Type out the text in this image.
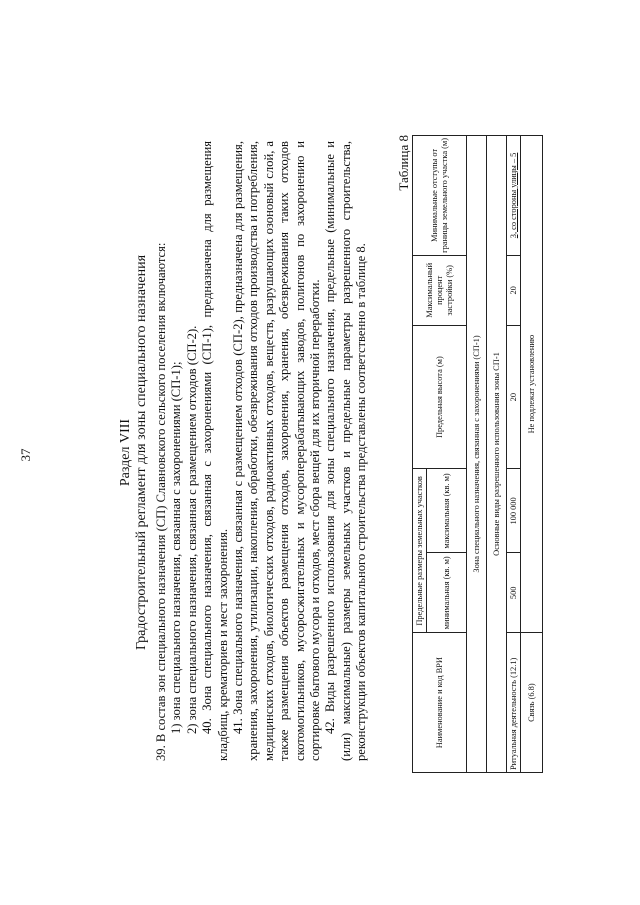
37	Раздел VIII Градостроительный регламент для зоны специального назначения 39. В состав зон специального назначения (СП) Славновского сельского поселения включаются: 1) зона специального назначения, связанная с захоронениями (СП-1); 2) зона специального назначения, связанная с размещением отходов (СП-2). 40. Зона специального назначения, связанная с захоронениями (СП-1), предназначена для размещения кладбищ, крематориев и мест захоронения. 41. Зона специального назначения, связанная с размещением отходов (СП-2), предназначена для размещения, хранения, захоронения, утилизации, накопления, обработки, обезвреживания отходов производства и потребления, медицинских отходов, биологических отходов, радиоактивных отходов, веществ, разрушающих озоновый слой, а также размещения объектов размещения отходов, захоронения, хранения, обезвреживания таких отходов скотомогильников, мусоросжигательных и мусороперерабатывающих заводов, полигонов по захоронению и сортировке бытового мусора и отходов, мест сбора вещей для их вторичной переработки. 42. Виды разрешенного использования для зоны специального назначения, предельные (минимальные и (или) максимальные) размеры земельных участков и предельные параметры разрешенного строительства, реконструкции объектов капитального строительства представлены соответственно в таблице 8.

Таблица 8
Наименование и код ВРИ	Предельные размеры земельных участков		Предельная высота (м)	Максимальный процент застройки (%)	Минимальные отступы от границы земельного участка (м)
	минимальная (кв. м)	максимальная (кв. м)			
Зона специального назначения, связанная с захоронениями (СП-1)					
Основные виды разрешенного использования зоны СП-1					
Ритуальная деятельность (12.1)	500	100 000	20	20	3, со стороны улицы – 5
Связь (6.8)	Не подлежат установлению				
